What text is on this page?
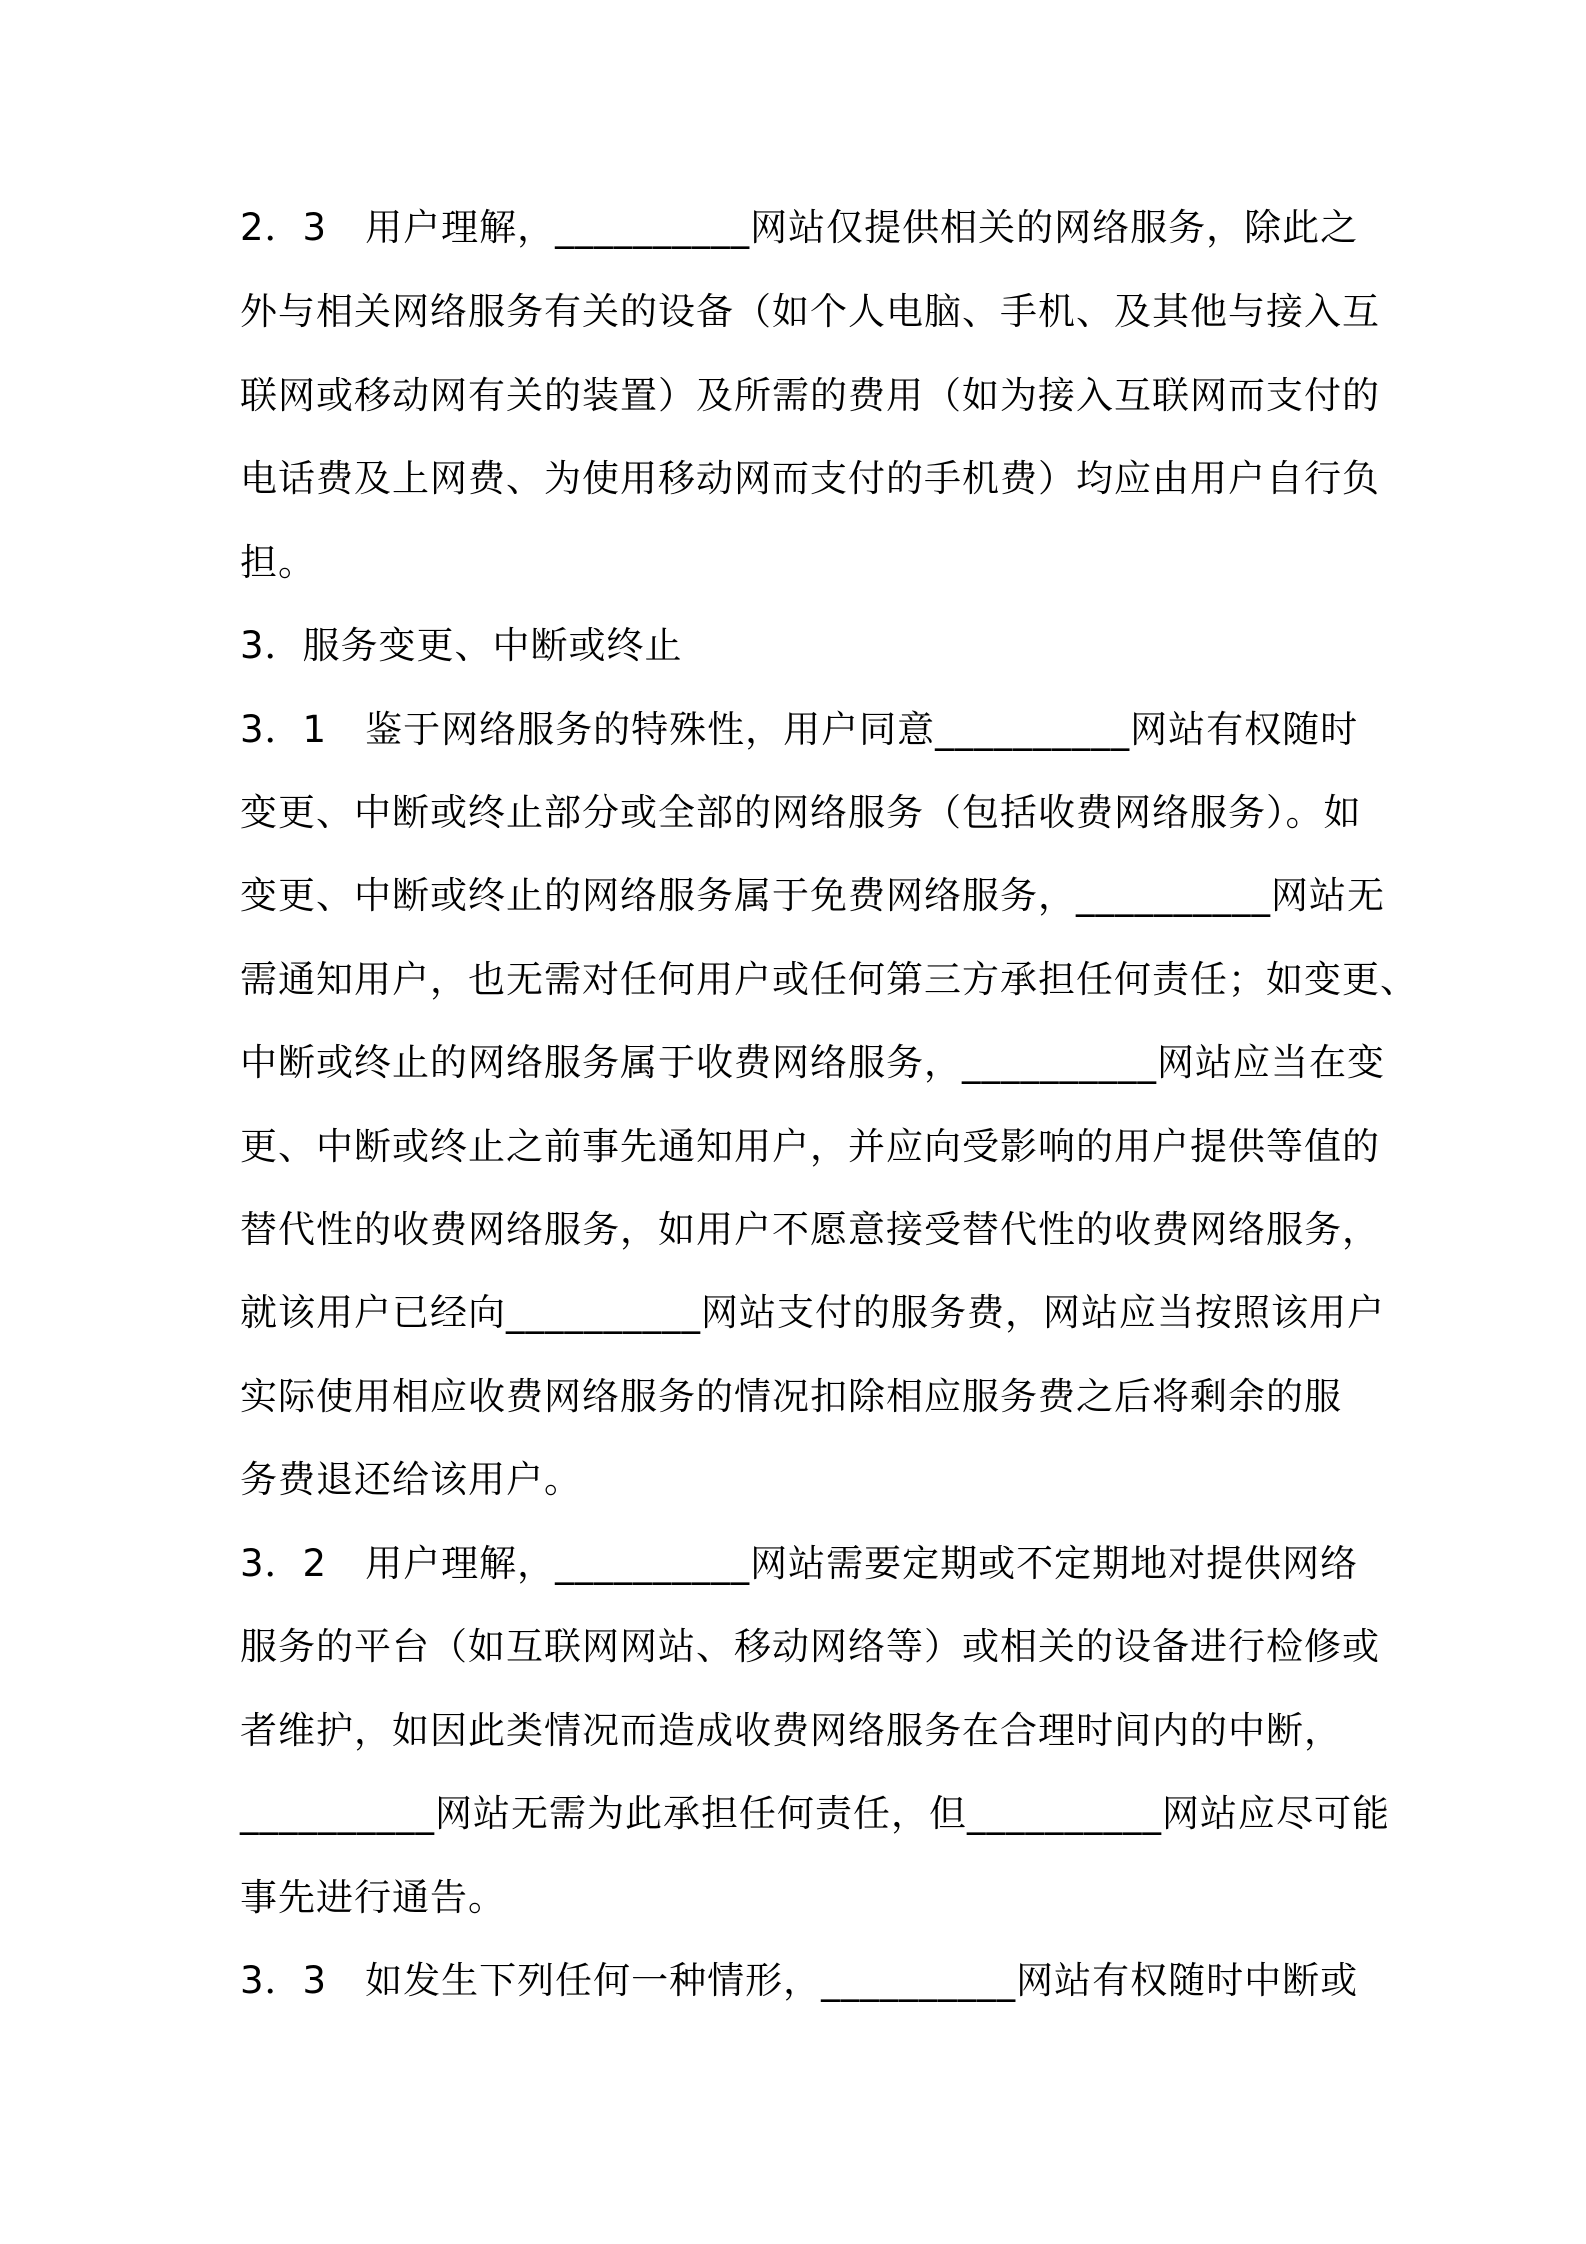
2．3　用户理解，__________网站仅提供相关的网络服务，除此之
外与相关网络服务有关的设备（如个人电脑、手机、及其他与接入互
联网或移动网有关的装置）及所需的费用（如为接入互联网而支付的
电话费及上网费、为使用移动网而支付的手机费）均应由用户自行负
担。
3．服务变更、中断或终止
3．1　鉴于网络服务的特殊性，用户同意__________网站有权随时
变更、中断或终止部分或全部的网络服务（包括收费网络服务）。如
变更、中断或终止的网络服务属于免费网络服务，__________网站无
需通知用户，也无需对任何用户或任何第三方承担任何责任；如变更、
中断或终止的网络服务属于收费网络服务，__________网站应当在变
更、中断或终止之前事先通知用户，并应向受影响的用户提供等值的
替代性的收费网络服务，如用户不愿意接受替代性的收费网络服务，
就该用户已经向__________网站支付的服务费，网站应当按照该用户
实际使用相应收费网络服务的情况扣除相应服务费之后将剩余的服
务费退还给该用户。
3．2　用户理解，__________网站需要定期或不定期地对提供网络
服务的平台（如互联网网站、移动网络等）或相关的设备进行检修或
者维护，如因此类情况而造成收费网络服务在合理时间内的中断，
__________网站无需为此承担任何责任，但__________网站应尽可能
事先进行通告。
3．3　如发生下列任何一种情形，__________网站有权随时中断或
